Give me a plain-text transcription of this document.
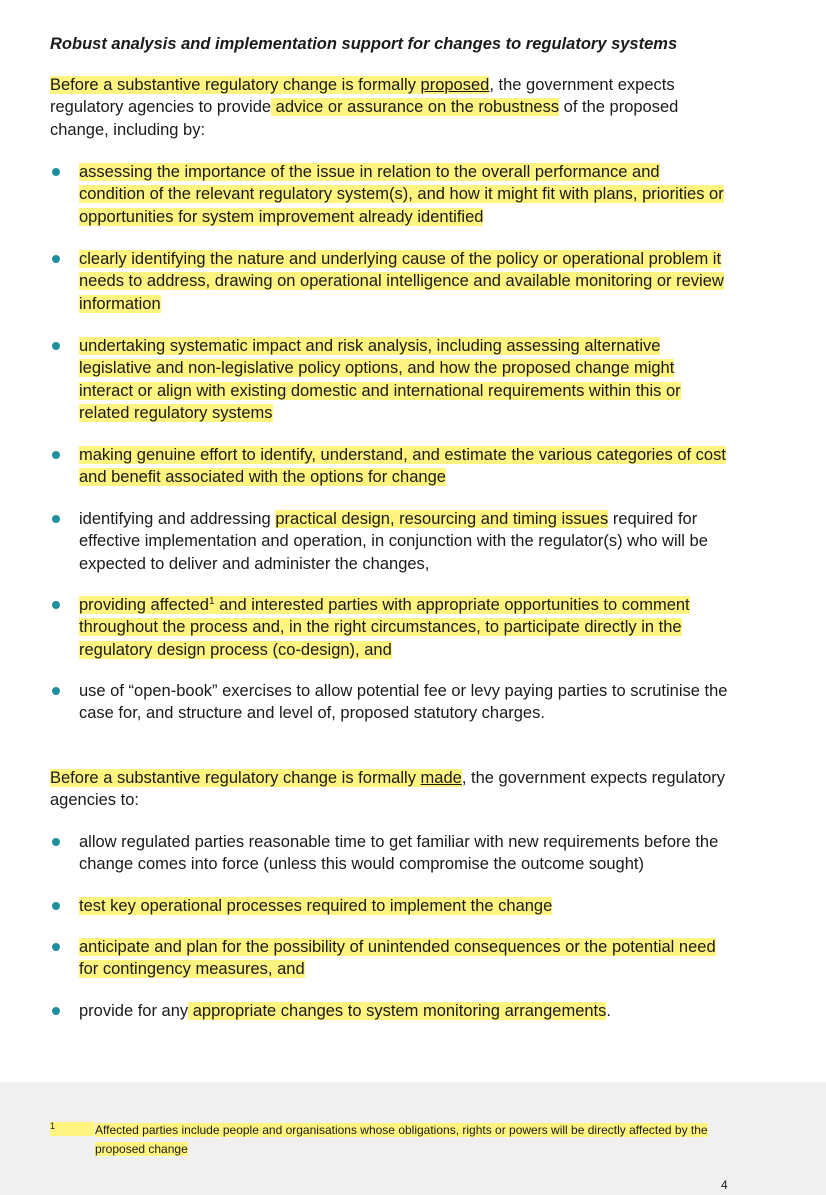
Robust analysis and implementation support for changes to regulatory systems
Before a substantive regulatory change is formally proposed, the government expects
regulatory agencies to provide advice or assurance on the robustness of the proposed
change, including by:
assessing the importance of the issue in relation to the overall performance and
condition of the relevant regulatory system(s), and how it might fit with plans, priorities or
opportunities for system improvement already identified
clearly identifying the nature and underlying cause of the policy or operational problem it
needs to address, drawing on operational intelligence and available monitoring or review
information
undertaking systematic impact and risk analysis, including assessing alternative
legislative and non-legislative policy options, and how the proposed change might
interact or align with existing domestic and international requirements within this or
related regulatory systems
making genuine effort to identify, understand, and estimate the various categories of cost
and benefit associated with the options for change
identifying and addressing practical design, resourcing and timing issues required for
effective implementation and operation, in conjunction with the regulator(s) who will be
expected to deliver and administer the changes,
providing affected$^1$ and interested parties with appropriate opportunities to comment
throughout the process and, in the right circumstances, to participate directly in the
regulatory design process (co-design), and
use of “open-book” exercises to allow potential fee or levy paying parties to scrutinise the
case for, and structure and level of, proposed statutory charges.
Before a substantive regulatory change is formally made, the government expects regulatory
agencies to:
allow regulated parties reasonable time to get familiar with new requirements before the
change comes into force (unless this would compromise the outcome sought)
test key operational processes required to implement the change
anticipate and plan for the possibility of unintended consequences or the potential need
for contingency measures, and
provide for any appropriate changes to system monitoring arrangements.
1	Affected parties include people and organisations whose obligations, rights or powers will be directly affected by the
proposed change
4
